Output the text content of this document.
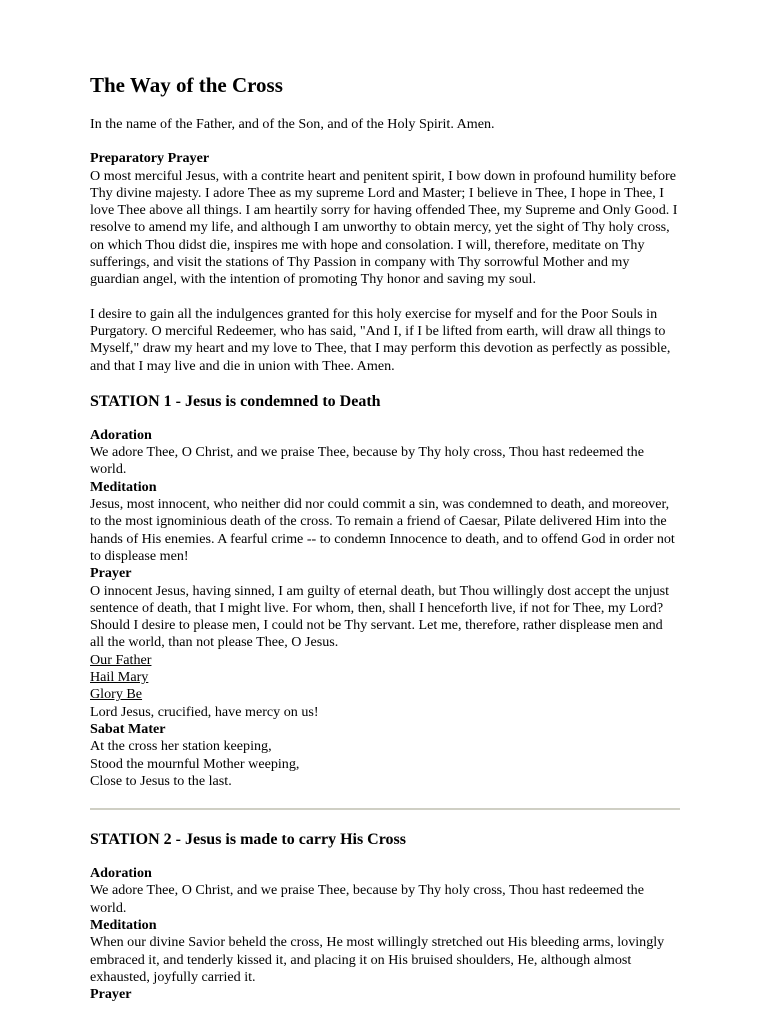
The Way of the Cross

In the name of the Father, and of the Son, and of the Holy Spirit. Amen.

Preparatory Prayer

O most merciful Jesus, with a contrite heart and penitent spirit, I bow down in profound humility before Thy divine majesty. I adore Thee as my supreme Lord and Master; I believe in Thee, I hope in Thee, I love Thee above all things. I am heartily sorry for having offended Thee, my Supreme and Only Good. I resolve to amend my life, and although I am unworthy to obtain mercy, yet the sight of Thy holy cross, on which Thou didst die, inspires me with hope and consolation. I will, therefore, meditate on Thy sufferings, and visit the stations of Thy Passion in company with Thy sorrowful Mother and my guardian angel, with the intention of promoting Thy honor and saving my soul.

I desire to gain all the indulgences granted for this holy exercise for myself and for the Poor Souls in Purgatory. O merciful Redeemer, who has said, "And I, if I be lifted from earth, will draw all things to Myself," draw my heart and my love to Thee, that I may perform this devotion as perfectly as possible, and that I may live and die in union with Thee. Amen.

STATION 1 - Jesus is condemned to Death
Adoration

We adore Thee, O Christ, and we praise Thee, because by Thy holy cross, Thou hast redeemed the world.

Meditation

Jesus, most innocent, who neither did nor could commit a sin, was condemned to death, and moreover, to the most ignominious death of the cross. To remain a friend of Caesar, Pilate delivered Him into the hands of His enemies. A fearful crime -- to condemn Innocence to death, and to offend God in order not to displease men!

Prayer

O innocent Jesus, having sinned, I am guilty of eternal death, but Thou willingly dost accept the unjust sentence of death, that I might live. For whom, then, shall I henceforth live, if not for Thee, my Lord? Should I desire to please men, I could not be Thy servant. Let me, therefore, rather displease men and all the world, than not please Thee, O Jesus.

Our Father
Hail Mary
Glory Be

Lord Jesus, crucified, have mercy on us!

Sabat Mater
At the cross her station keeping,
Stood the mournful Mother weeping,
Close to Jesus to the last.
STATION 2 - Jesus is made to carry His Cross
Adoration

We adore Thee, O Christ, and we praise Thee, because by Thy holy cross, Thou hast redeemed the world.

Meditation

When our divine Savior beheld the cross, He most willingly stretched out His bleeding arms, lovingly embraced it, and tenderly kissed it, and placing it on His bruised shoulders, He, although almost exhausted, joyfully carried it.

Prayer
